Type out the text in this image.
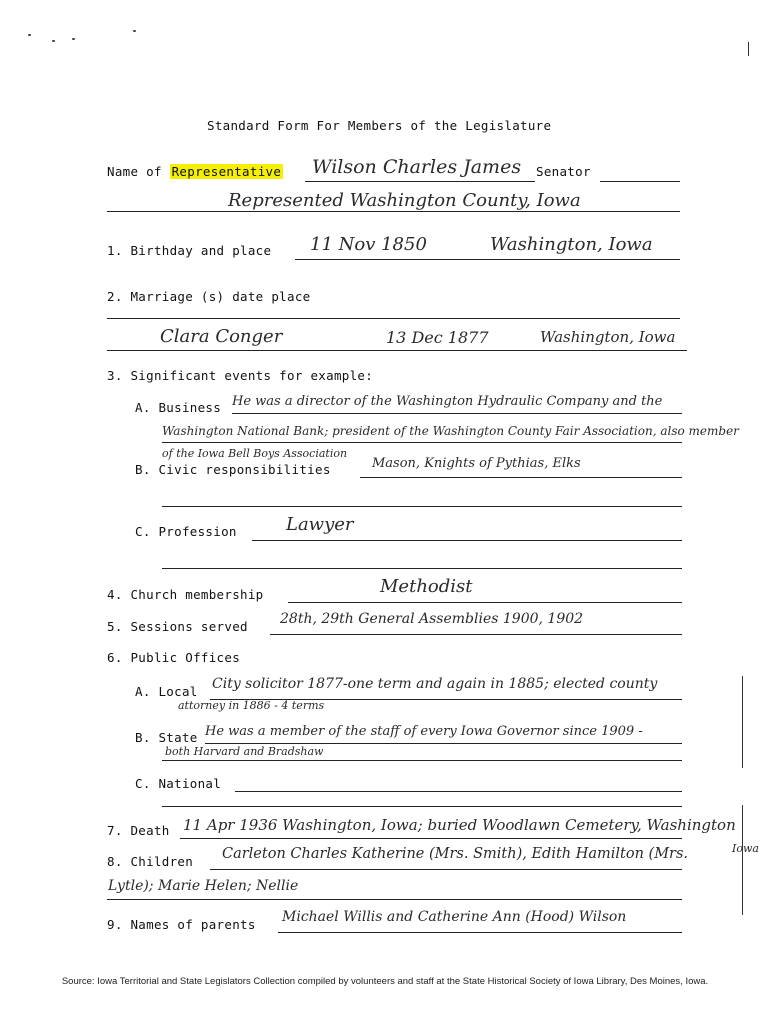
Standard Form For Members of the Legislature
Name of Representative Wilson Charles James Senator
Represented Washington County, Iowa
1. Birthday and place 11 Nov 1850	Washington, Iowa
2. Marriage (s) date place
Clara Conger	13 Dec 1877	Washington, Iowa
3. Significant events for example:
A. Business He was a director of the Washington Hydraulic Company and the
Washington National Bank; president of the Washington County Fair Association, also member
of the Iowa Bell Boys Association
B. Civic responsibilities	Mason, Knights of Pythias, Elks
C. Profession	Lawyer
4. Church membership	Methodist
5. Sessions served 28th, 29th General Assemblies 1900, 1902
6. Public Offices
A. Local City solicitor 1877-one term and again in 1885; elected county
attorney in 1886 - 4 terms
B. State He was a member of the staff of every Iowa Governor since 1909 -
both Harvard and Bradshaw
C. National
7. Death 11 Apr 1936 Washington, Iowa; buried Woodlawn Cemetery, Washington
Iowa
8. Children Carleton Charles Katherine (Mrs. Smith), Edith Hamilton (Mrs.
Lytle); Marie Helen; Nellie
9. Names of parents Michael Willis and Catherine Ann (Hood) Wilson
Source: Iowa Territorial and State Legislators Collection compiled by volunteers and staff at the State Historical Society of Iowa Library, Des Moines, Iowa.
